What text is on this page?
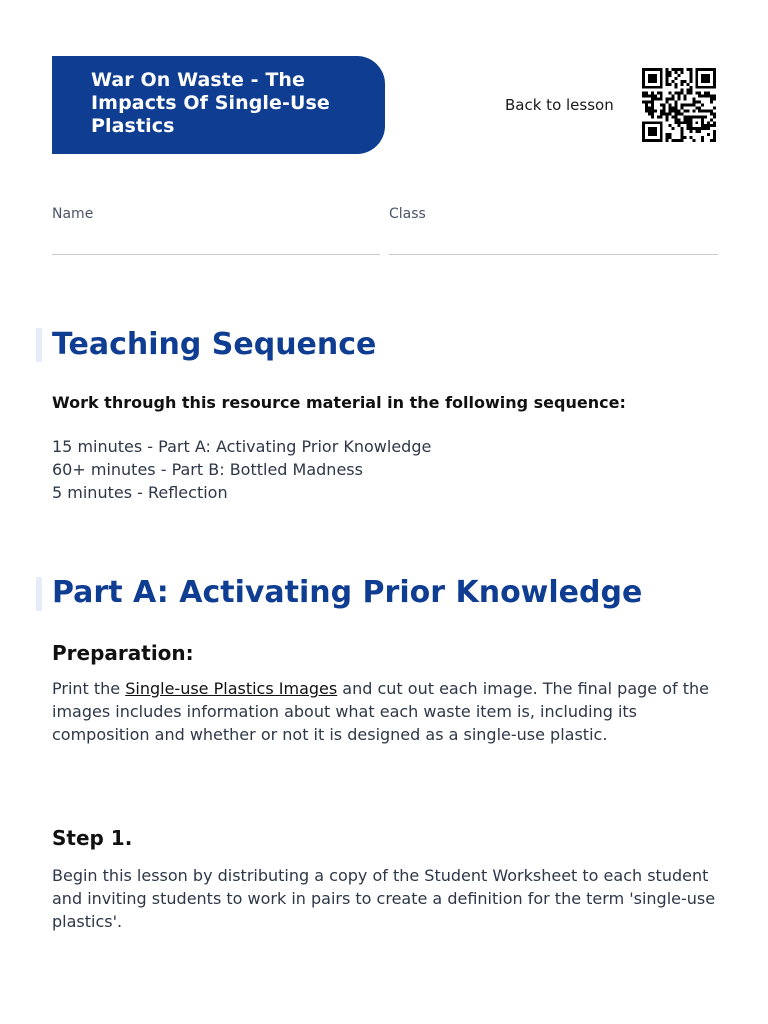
War On Waste - The Impacts Of Single-Use Plastics
Back to lesson
Name	Class
Teaching Sequence

Work through this resource material in the following sequence:

15 minutes - Part A: Activating Prior Knowledge
60+ minutes - Part B: Bottled Madness
5 minutes - Reflection
Part A: Activating Prior Knowledge
Preparation:

Print the Single-use Plastics Images and cut out each image. The final page of the images includes information about what each waste item is, including its composition and whether or not it is designed as a single-use plastic.

Step 1.

Begin this lesson by distributing a copy of the Student Worksheet to each student and inviting students to work in pairs to create a definition for the term 'single-use plastics'.
